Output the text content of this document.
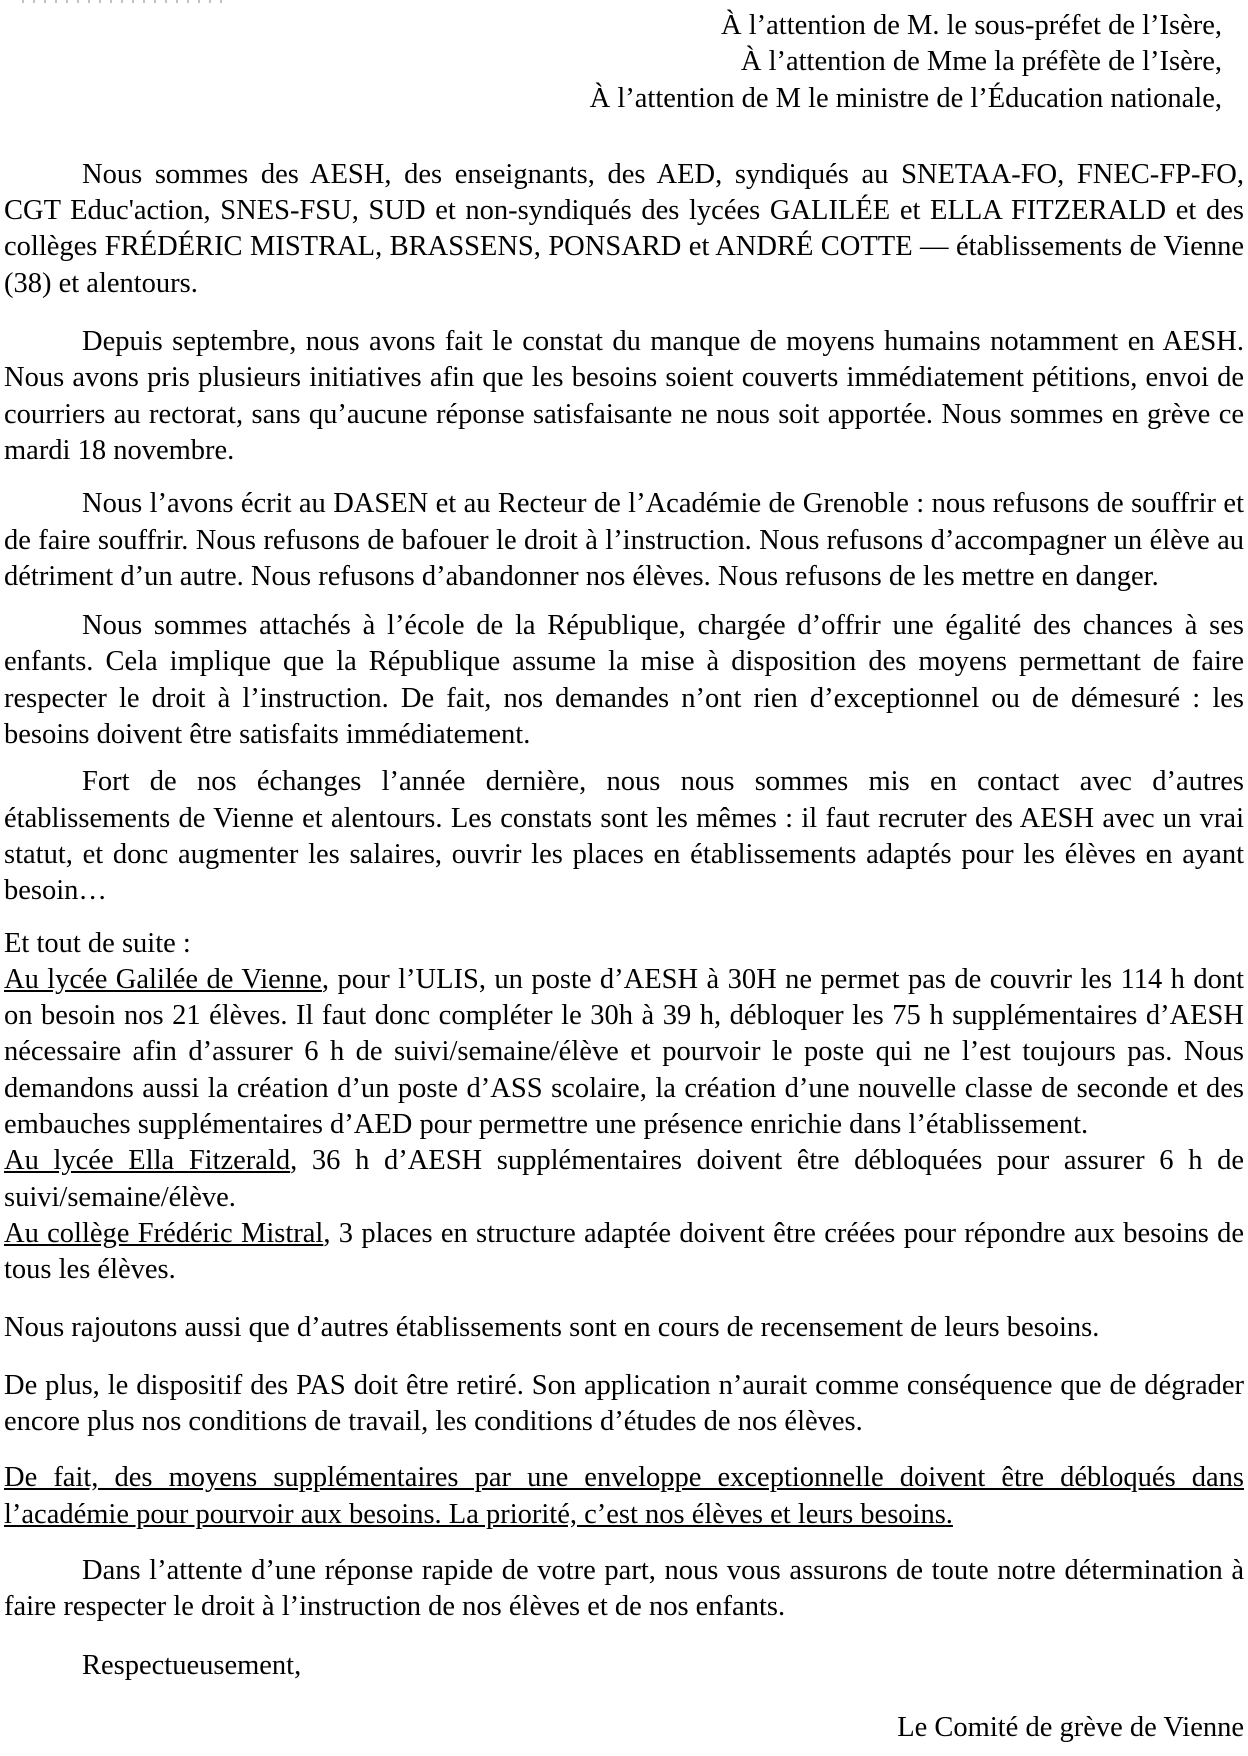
À l’attention de M. le sous-préfet de l’Isère,
À l’attention de Mme la préfète de l’Isère,
À l’attention de M le ministre de l’Éducation nationale,

Nous sommes des AESH, des enseignants, des AED, syndiqués au SNETAA-FO, FNEC-FP-FO, CGT Educ'action, SNES-FSU, SUD et non-syndiqués des lycées GALILÉE et ELLA FITZERALD et des collèges FRÉDÉRIC MISTRAL, BRASSENS, PONSARD et ANDRÉ COTTE — établissements de Vienne (38) et alentours.

Depuis septembre, nous avons fait le constat du manque de moyens humains notamment en AESH. Nous avons pris plusieurs initiatives afin que les besoins soient couverts immédiatement pétitions, envoi de courriers au rectorat, sans qu’aucune réponse satisfaisante ne nous soit apportée. Nous sommes en grève ce mardi 18 novembre.

Nous l’avons écrit au DASEN et au Recteur de l’Académie de Grenoble : nous refusons de souffrir et de faire souffrir. Nous refusons de bafouer le droit à l’instruction. Nous refusons d’accompagner un élève au détriment d’un autre. Nous refusons d’abandonner nos élèves. Nous refusons de les mettre en danger.

Nous sommes attachés à l’école de la République, chargée d’offrir une égalité des chances à ses enfants. Cela implique que la République assume la mise à disposition des moyens permettant de faire respecter le droit à l’instruction. De fait, nos demandes n’ont rien d’exceptionnel ou de démesuré : les besoins doivent être satisfaits immédiatement.

Fort de nos échanges l’année dernière, nous nous sommes mis en contact avec d’autres établissements de Vienne et alentours. Les constats sont les mêmes : il faut recruter des AESH avec un vrai statut, et donc augmenter les salaires, ouvrir les places en établissements adaptés pour les élèves en ayant besoin…

Et tout de suite :

Au lycée Galilée de Vienne, pour l’ULIS, un poste d’AESH à 30H ne permet pas de couvrir les 114 h dont on besoin nos 21 élèves. Il faut donc compléter le 30h à 39 h, débloquer les 75 h supplémentaires d’AESH nécessaire afin d’assurer 6 h de suivi/semaine/élève et pourvoir le poste qui ne l’est toujours pas. Nous demandons aussi la création d’un poste d’ASS scolaire, la création d’une nouvelle classe de seconde et des embauches supplémentaires d’AED pour permettre une présence enrichie dans l’établissement.

Au lycée Ella Fitzerald, 36 h d’AESH supplémentaires doivent être débloquées pour assurer 6 h de suivi/semaine/élève.

Au collège Frédéric Mistral, 3 places en structure adaptée doivent être créées pour répondre aux besoins de tous les élèves.

Nous rajoutons aussi que d’autres établissements sont en cours de recensement de leurs besoins.

De plus, le dispositif des PAS doit être retiré. Son application n’aurait comme conséquence que de dégrader encore plus nos conditions de travail, les conditions d’études de nos élèves.

De fait, des moyens supplémentaires par une enveloppe exceptionnelle doivent être débloqués dans l’académie pour pourvoir aux besoins. La priorité, c’est nos élèves et leurs besoins.

Dans l’attente d’une réponse rapide de votre part, nous vous assurons de toute notre détermination à faire respecter le droit à l’instruction de nos élèves et de nos enfants.

Respectueusement,

Le Comité de grève de Vienne
